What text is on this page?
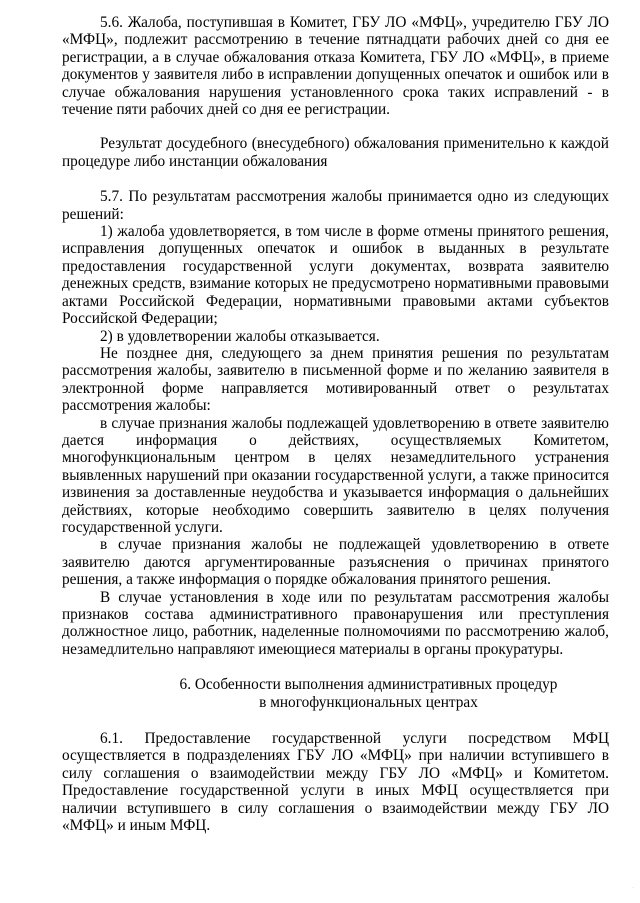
5.6. Жалоба, поступившая в Комитет, ГБУ ЛО «МФЦ», учредителю ГБУ ЛО «МФЦ», подлежит рассмотрению в течение пятнадцати рабочих дней со дня ее регистрации, а в случае обжалования отказа Комитета, ГБУ ЛО «МФЦ», в приеме документов у заявителя либо в исправлении допущенных опечаток и ошибок или в случае обжалования нарушения установленного срока таких исправлений - в течение пяти рабочих дней со дня ее регистрации.

Результат досудебного (внесудебного) обжалования применительно к каждой процедуре либо инстанции обжалования

5.7. По результатам рассмотрения жалобы принимается одно из следующих решений:

1) жалоба удовлетворяется, в том числе в форме отмены принятого решения, исправления допущенных опечаток и ошибок в выданных в результате предоставления государственной услуги документах, возврата заявителю денежных средств, взимание которых не предусмотрено нормативными правовыми актами Российской Федерации, нормативными правовыми актами субъектов Российской Федерации;

2) в удовлетворении жалобы отказывается.

Не позднее дня, следующего за днем принятия решения по результатам рассмотрения жалобы, заявителю в письменной форме и по желанию заявителя в электронной форме направляется мотивированный ответ о результатах рассмотрения жалобы:

в случае признания жалобы подлежащей удовлетворению в ответе заявителю дается информация о действиях, осуществляемых Комитетом, многофункциональным центром в целях незамедлительного устранения выявленных нарушений при оказании государственной услуги, а также приносится извинения за доставленные неудобства и указывается информация о дальнейших действиях, которые необходимо совершить заявителю в целях получения государственной услуги.

в случае признания жалобы не подлежащей удовлетворению в ответе заявителю даются аргументированные разъяснения о причинах принятого решения, а также информация о порядке обжалования принятого решения.

В случае установления в ходе или по результатам рассмотрения жалобы признаков состава административного правонарушения или преступления должностное лицо, работник, наделенные полномочиями по рассмотрению жалоб, незамедлительно направляют имеющиеся материалы в органы прокуратуры.

6. Особенности выполнения административных процедур
в многофункциональных центрах

6.1. Предоставление государственной услуги посредством МФЦ осуществляется в подразделениях ГБУ ЛО «МФЦ» при наличии вступившего в силу соглашения о взаимодействии между ГБУ ЛО «МФЦ» и Комитетом. Предоставление государственной услуги в иных МФЦ осуществляется при наличии вступившего в силу соглашения о взаимодействии между ГБУ ЛО «МФЦ» и иным МФЦ.

.
